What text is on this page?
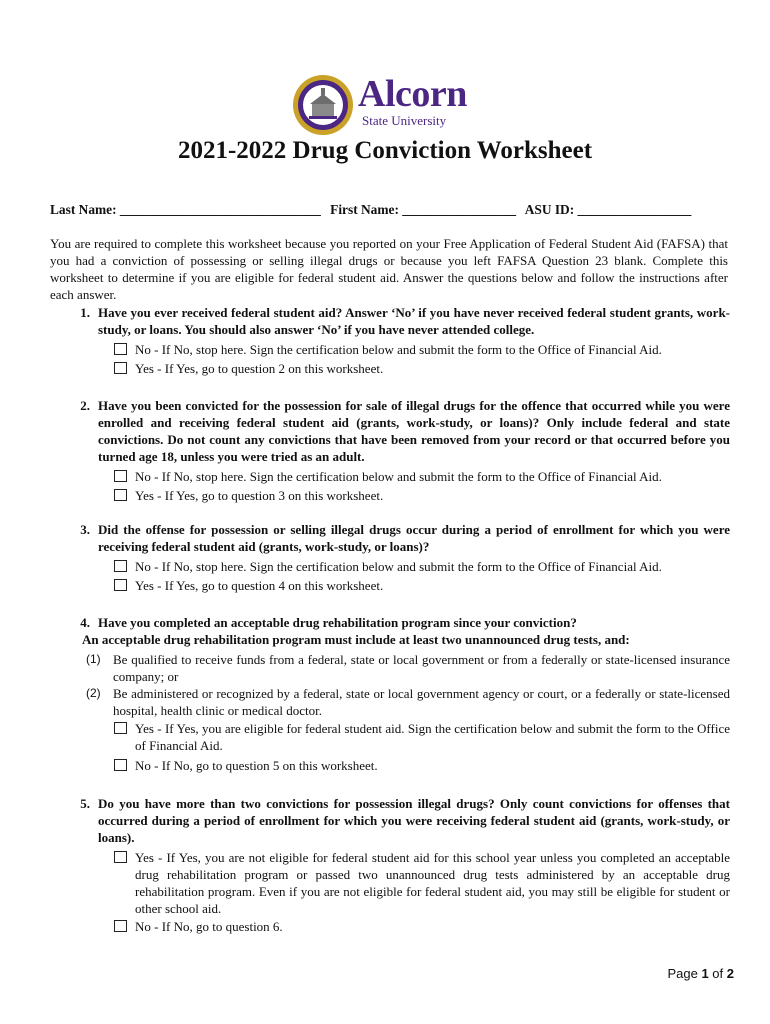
Alcorn
State University
2021-2022 Drug Conviction Worksheet
Last Name: ______________________________ First Name: _________________ ASU ID: _________________
You are required to complete this worksheet because you reported on your Free Application of Federal Student Aid (FAFSA) that you had a conviction of possessing or selling illegal drugs or because you left FAFSA Question 23 blank. Complete this worksheet to determine if you are eligible for federal student aid. Answer the questions below and follow the instructions after each answer.
1. Have you ever received federal student aid? Answer ‘No’ if you have never received federal student grants, work-study, or loans. You should also answer ‘No’ if you have never attended college.
No - If No, stop here. Sign the certification below and submit the form to the Office of Financial Aid.
Yes - If Yes, go to question 2 on this worksheet.
2. Have you been convicted for the possession for sale of illegal drugs for the offence that occurred while you were enrolled and receiving federal student aid (grants, work-study, or loans)? Only include federal and state convictions. Do not count any convictions that have been removed from your record or that occurred before you turned age 18, unless you were tried as an adult.
No - If No, stop here. Sign the certification below and submit the form to the Office of Financial Aid.
Yes - If Yes, go to question 3 on this worksheet.
3. Did the offense for possession or selling illegal drugs occur during a period of enrollment for which you were receiving federal student aid (grants, work-study, or loans)?
No - If No, stop here. Sign the certification below and submit the form to the Office of Financial Aid.
Yes - If Yes, go to question 4 on this worksheet.
4. Have you completed an acceptable drug rehabilitation program since your conviction?
An acceptable drug rehabilitation program must include at least two unannounced drug tests, and:
(1) Be qualified to receive funds from a federal, state or local government or from a federally or state-licensed insurance company; or
(2) Be administered or recognized by a federal, state or local government agency or court, or a federally or state-licensed hospital, health clinic or medical doctor.
Yes - If Yes, you are eligible for federal student aid. Sign the certification below and submit the form to the Office of Financial Aid.
No - If No, go to question 5 on this worksheet.
5. Do you have more than two convictions for possession illegal drugs? Only count convictions for offenses that occurred during a period of enrollment for which you were receiving federal student aid (grants, work-study, or loans).
Yes - If Yes, you are not eligible for federal student aid for this school year unless you completed an acceptable drug rehabilitation program or passed two unannounced drug tests administered by an acceptable drug rehabilitation program. Even if you are not eligible for federal student aid, you may still be eligible for student or other school aid.
No - If No, go to question 6.
Page 1 of 2
